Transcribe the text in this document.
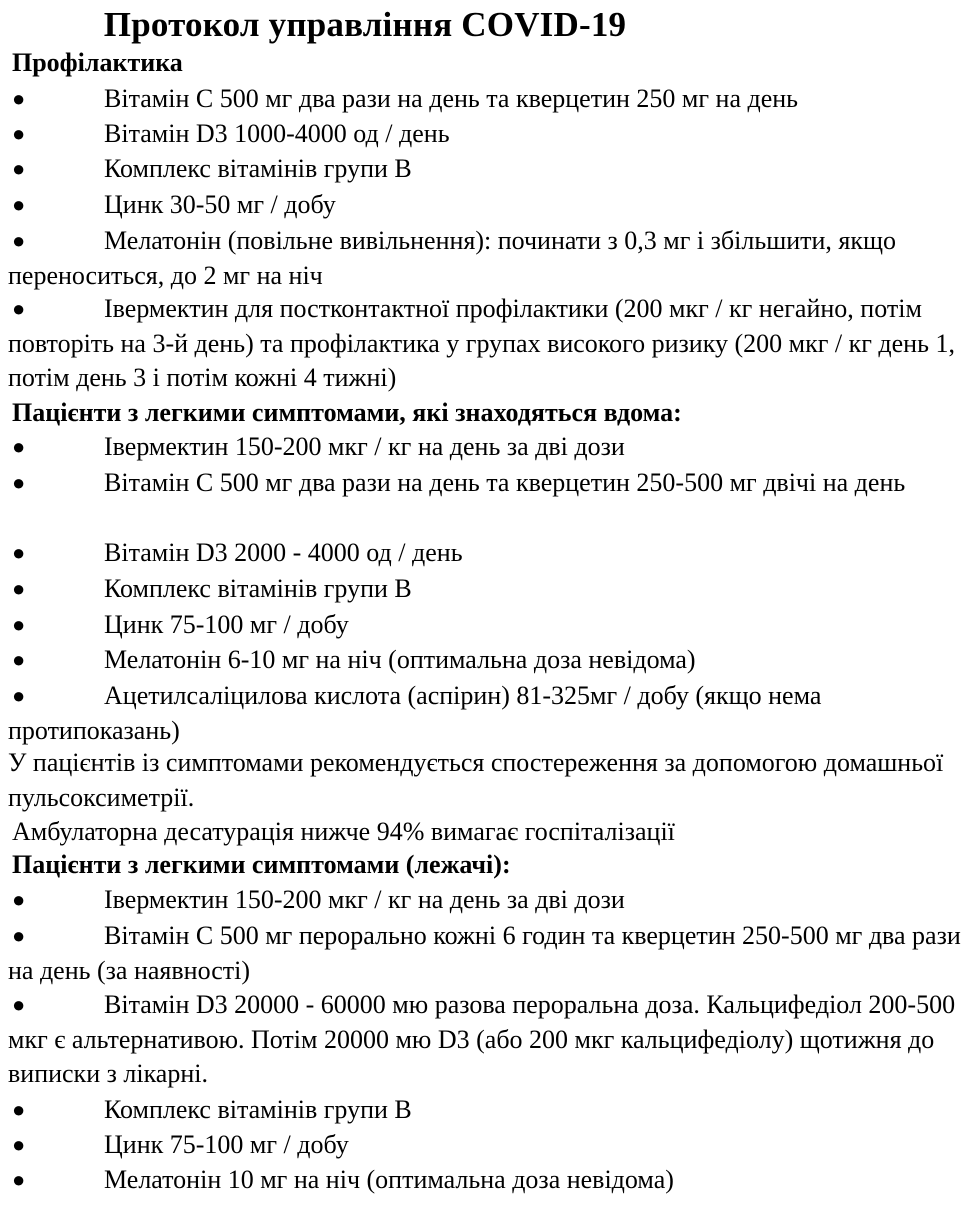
Протокол управління COVID-19
Профілактика
●	Вітамін С 500 мг два рази на день та кверцетин 250 мг на день
●	Вітамін D3 1000-4000 од / день
●	Комплекс вітамінів групи B
●	Цинк 30-50 мг / добу
●	Мелатонін (повільне вивільнення): починати з 0,3 мг і збільшити, якщо переноситься, до 2 мг на ніч
●	Івермектин для постконтактної профілактики (200 мкг / кг негайно, потім повторіть на 3-й день) та профілактика у групах високого ризику (200 мкг / кг день 1, потім день 3 і потім кожні 4 тижні)
Пацієнти з легкими симптомами, які знаходяться вдома:
●	Івермектин 150-200 мкг / кг на день за дві дози
●	Вітамін С 500 мг два рази на день та кверцетин 250-500 мг двічі на день
●	Вітамін D3 2000 - 4000 од / день
●	Комплекс вітамінів групи B
●	Цинк 75-100 мг / добу
●	Мелатонін 6-10 мг на ніч (оптимальна доза невідома)
●	Ацетилсаліцилова кислота (аспірин) 81-325мг / добу (якщо нема протипоказань)
У пацієнтів із симптомами рекомендується спостереження за допомогою домашньої пульсоксиметрії.
Амбулаторна десатурація нижче 94% вимагає госпіталізації
Пацієнти з легкими симптомами (лежачі):
●	Івермектин 150-200 мкг / кг на день за дві дози
●	Вітамін С 500 мг перорально кожні 6 годин та кверцетин 250-500 мг два рази на день (за наявності)
●	Вітамін D3 20000 - 60000 мю разова пероральна доза. Кальцифедіол 200-500 мкг є альтернативою. Потім 20000 мю D3 (або 200 мкг кальцифедіолу) щотижня до виписки з лікарні.
●	Комплекс вітамінів групи B
●	Цинк 75-100 мг / добу
●	Мелатонін 10 мг на ніч (оптимальна доза невідома)
